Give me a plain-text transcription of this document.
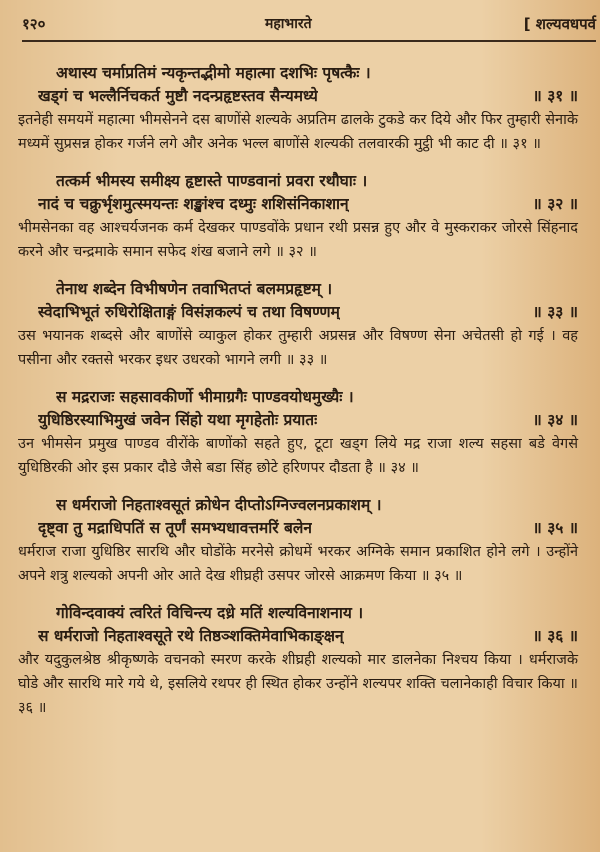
१२०	महाभारते	[ शल्यवधपर्व
अथास्य चर्माप्रतिमं न्यकृन्तद्भीमो महात्मा दशभिः पृषत्कैः ।
खड्गं च भल्लैर्निचकर्त मुष्टौ नदन्प्रहृष्टस्तव सैन्यमध्ये	॥ ३१ ॥
इतनेही समयमें महात्मा भीमसेनने दस बाणोंसे शल्यके अप्रतिम ढालके टुकडे कर दिये और फिर तुम्हारी सेनाके मध्यमें सुप्रसन्न होकर गर्जने लगे और अनेक भल्ल बाणोंसे शल्यकी तलवारकी मुट्ठी भी काट दी ॥ ३१ ॥
तत्कर्म भीमस्य समीक्ष्य हृष्टास्ते पाण्डवानां प्रवरा रथौघाः ।
नादं च चक्रुर्भृशमुत्स्मयन्तः शङ्खांश्च दध्मुः शशिसंनिकाशान्	॥ ३२ ॥
भीमसेनका वह आश्चर्यजनक कर्म देखकर पाण्डवोंके प्रधान रथी प्रसन्न हुए और वे मुस्कराकर जोरसे सिंहनाद करने और चन्द्रमाके समान सफेद शंख बजाने लगे ॥ ३२ ॥
तेनाथ शब्देन विभीषणेन तवाभितप्तं बलमप्रहृष्टम् ।
स्वेदाभिभूतं रुधिरोक्षिताङ्गं विसंज्ञकल्पं च तथा विषण्णम्	॥ ३३ ॥
उस भयानक शब्दसे और बाणोंसे व्याकुल होकर तुम्हारी अप्रसन्न और विषण्ण सेना अचेतसी हो गई । वह पसीना और रक्तसे भरकर इधर उधरको भागने लगी ॥ ३३ ॥
स मद्रराजः सहसावकीर्णो भीमाग्रगैः पाण्डवयोधमुख्यैः ।
युधिष्ठिरस्याभिमुखं जवेन सिंहो यथा मृगहेतोः प्रयातः	॥ ३४ ॥
उन भीमसेन प्रमुख पाण्डव वीरोंके बाणोंको सहते हुए, टूटा खड्ग लिये मद्र राजा शल्य सहसा बडे वेगसे युधिष्ठिरकी ओर इस प्रकार दौडे जैसे बडा सिंह छोटे हरिणपर दौडता है ॥ ३४ ॥
स धर्मराजो निहताश्वसूतं क्रोधेन दीप्तोऽग्निज्वलनप्रकाशम् ।
दृष्ट्वा तु मद्राधिपतिं स तूर्णं समभ्यधावत्तमरिं बलेन	॥ ३५ ॥
धर्मराज राजा युधिष्ठिर सारथि और घोडोंके मरनेसे क्रोधमें भरकर अग्निके समान प्रकाशित होने लगे । उन्होंने अपने शत्रु शल्यको अपनी ओर आते देख शीघ्रही उसपर जोरसे आक्रमण किया ॥ ३५ ॥
गोविन्दवाक्यं त्वरितं विचिन्त्य दध्रे मतिं शल्यविनाशनाय ।
स धर्मराजो निहताश्वसूते रथे तिष्ठञ्शक्तिमेवाभिकाङ्क्षन्	॥ ३६ ॥
और यदुकुलश्रेष्ठ श्रीकृष्णके वचनको स्मरण करके शीघ्रही शल्यको मार डालनेका निश्चय किया । धर्मराजके घोडे और सारथि मारे गये थे, इसलिये रथपर ही स्थित होकर उन्होंने शल्यपर शक्ति चलानेकाही विचार किया ॥ ३६ ॥
